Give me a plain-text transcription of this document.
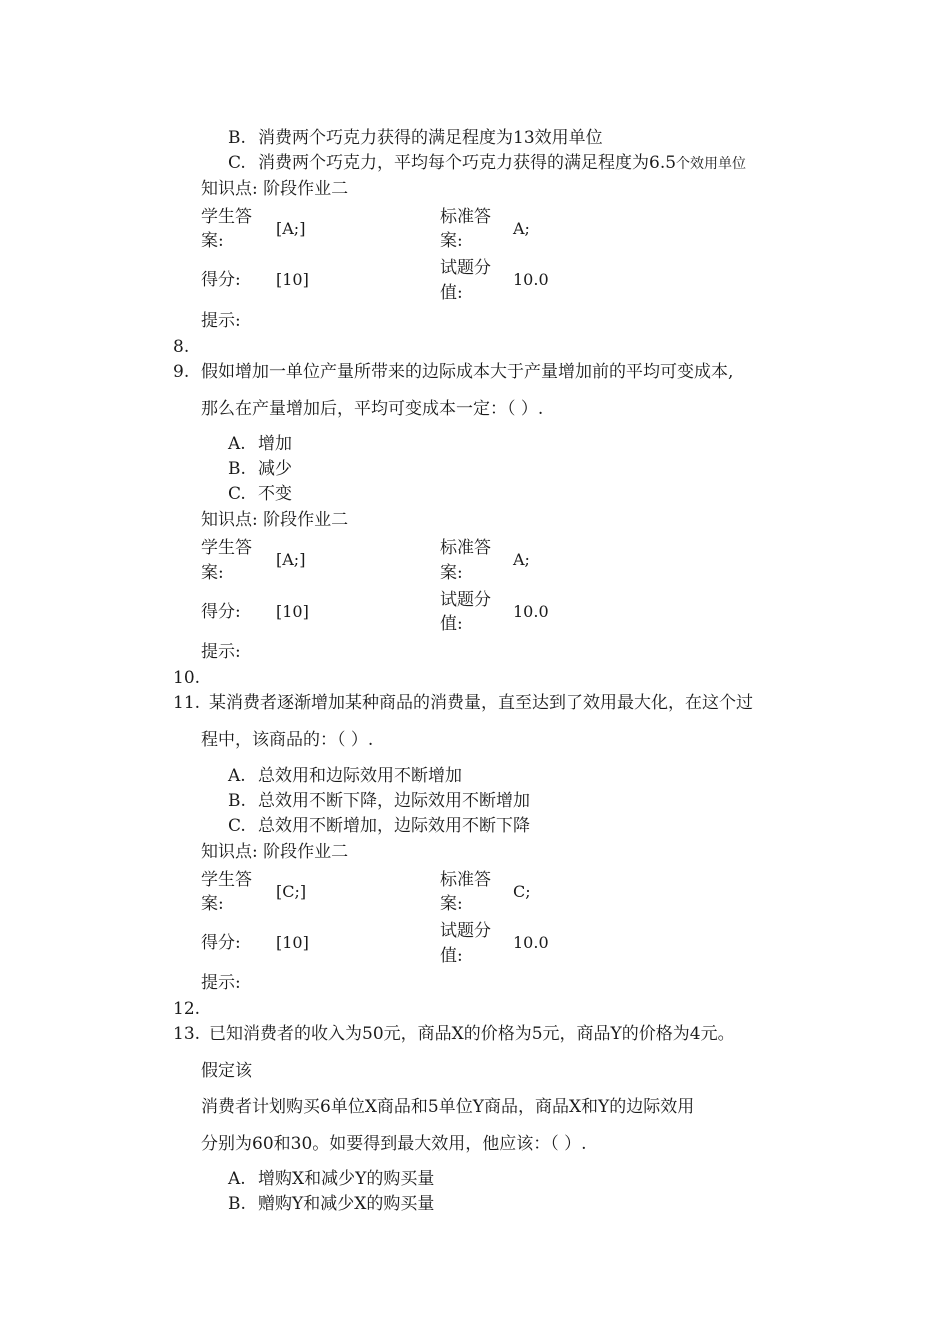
B. 消费两个巧克力获得的满足程度为13效用单位
C. 消费两个巧克力，平均每个巧克力获得的满足程度为6.5个效用单位
知识点: 阶段作业二
学生答
案:
[A;]
标准答
案:
A;
得分: [10]
试题分
值:
10.0
提示:
8.
9. 假如增加一单位产量所带来的边际成本大于产量增加前的平均可变成本,
那么在产量增加后，平均可变成本一定：（ ）.
A. 增加
B. 减少
C. 不变
知识点: 阶段作业二
学生答
案:
[A;]
标准答
案:
A;
得分: [10]
试题分
值:
10.0
提示:
10.
11. 某消费者逐渐增加某种商品的消费量，直至达到了效用最大化，在这个过
程中，该商品的：（ ）.
A. 总效用和边际效用不断增加
B. 总效用不断下降，边际效用不断增加
C. 总效用不断增加，边际效用不断下降
知识点: 阶段作业二
学生答
案:
[C;]
标准答
案:
C;
得分: [10]
试题分
值:
10.0
提示:
12.
13. 已知消费者的收入为50元，商品X的价格为5元，商品Y的价格为4元。
假定该
消费者计划购买6单位X商品和5单位Y商品，商品X和Y的边际效用
分别为60和30。如要得到最大效用，他应该：（ ）.
A. 增购X和减少Y的购买量
B. 赠购Y和减少X的购买量
